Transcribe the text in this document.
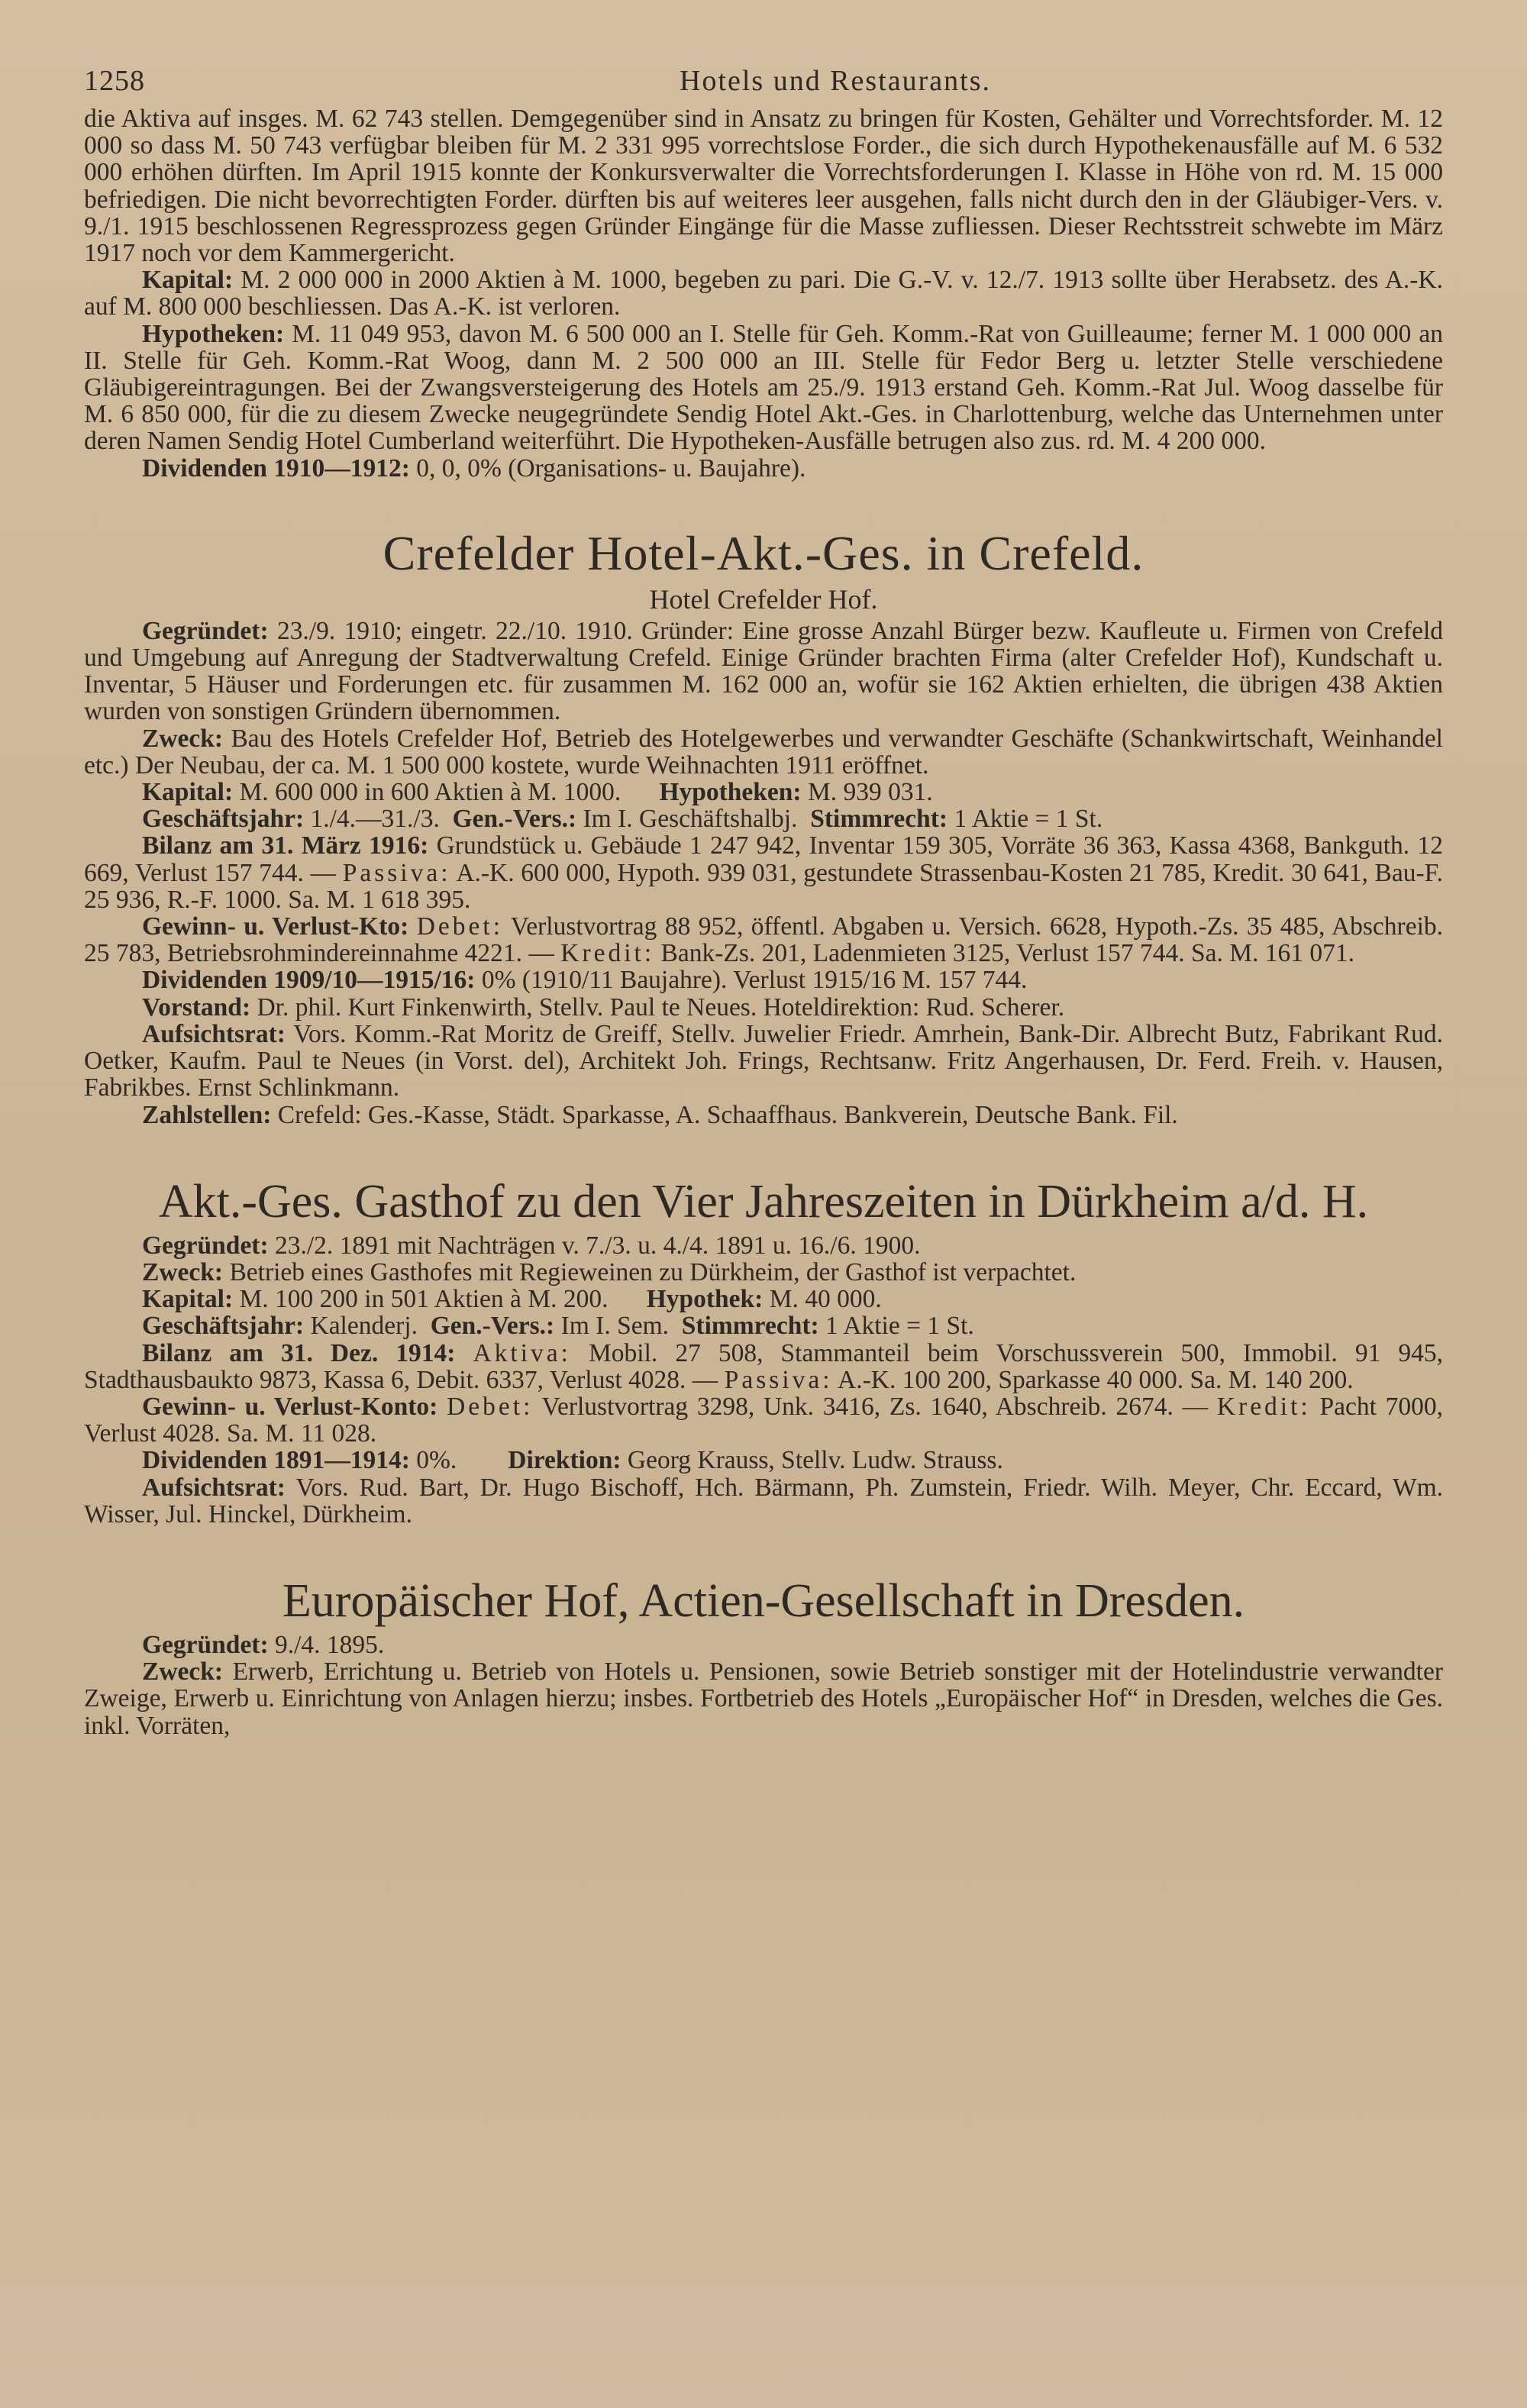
1258	Hotels und Restaurants.

die Aktiva auf insges. M. 62 743 stellen. Demgegenüber sind in Ansatz zu bringen für Kosten, Gehälter und Vorrechtsforder. M. 12 000 so dass M. 50 743 verfügbar bleiben für M. 2 331 995 vorrechtslose Forder., die sich durch Hypothekenausfälle auf M. 6 532 000 erhöhen dürften. Im April 1915 konnte der Konkursverwalter die Vorrechtsforderungen I. Klasse in Höhe von rd. M. 15 000 befriedigen. Die nicht bevorrechtigten Forder. dürften bis auf weiteres leer ausgehen, falls nicht durch den in der Gläubiger-Vers. v. 9./1. 1915 beschlossenen Regressprozess gegen Gründer Eingänge für die Masse zufliessen. Dieser Rechtsstreit schwebte im März 1917 noch vor dem Kammergericht.

Kapital: M. 2 000 000 in 2000 Aktien à M. 1000, begeben zu pari. Die G.-V. v. 12./7. 1913 sollte über Herabsetz. des A.-K. auf M. 800 000 beschliessen. Das A.-K. ist verloren.

Hypotheken: M. 11 049 953, davon M. 6 500 000 an I. Stelle für Geh. Komm.-Rat von Guilleaume; ferner M. 1 000 000 an II. Stelle für Geh. Komm.-Rat Woog, dann M. 2 500 000 an III. Stelle für Fedor Berg u. letzter Stelle verschiedene Gläubigereintragungen. Bei der Zwangsversteigerung des Hotels am 25./9. 1913 erstand Geh. Komm.-Rat Jul. Woog dasselbe für M. 6 850 000, für die zu diesem Zwecke neugegründete Sendig Hotel Akt.-Ges. in Charlottenburg, welche das Unternehmen unter deren Namen Sendig Hotel Cumberland weiterführt. Die Hypotheken-Ausfälle betrugen also zus. rd. M. 4 200 000.

Dividenden 1910—1912: 0, 0, 0% (Organisations- u. Baujahre).

Crefelder Hotel-Akt.-Ges. in Crefeld.
Hotel Crefelder Hof.

Gegründet: 23./9. 1910; eingetr. 22./10. 1910. Gründer: Eine grosse Anzahl Bürger bezw. Kaufleute u. Firmen von Crefeld und Umgebung auf Anregung der Stadtverwaltung Crefeld. Einige Gründer brachten Firma (alter Crefelder Hof), Kundschaft u. Inventar, 5 Häuser und Forderungen etc. für zusammen M. 162 000 an, wofür sie 162 Aktien erhielten, die übrigen 438 Aktien wurden von sonstigen Gründern übernommen.

Zweck: Bau des Hotels Crefelder Hof, Betrieb des Hotelgewerbes und verwandter Geschäfte (Schankwirtschaft, Weinhandel etc.) Der Neubau, der ca. M. 1 500 000 kostete, wurde Weihnachten 1911 eröffnet.

Kapital: M. 600 000 in 600 Aktien à M. 1000. Hypotheken: M. 939 031.

Geschäftsjahr: 1./4.—31./3. Gen.-Vers.: Im I. Geschäftshalbj. Stimmrecht: 1 Aktie = 1 St.

Bilanz am 31. März 1916: Grundstück u. Gebäude 1 247 942, Inventar 159 305, Vorräte 36 363, Kassa 4368, Bankguth. 12 669, Verlust 157 744. — Passiva: A.-K. 600 000, Hypoth. 939 031, gestundete Strassenbau-Kosten 21 785, Kredit. 30 641, Bau-F. 25 936, R.-F. 1000. Sa. M. 1 618 395.

Gewinn- u. Verlust-Kto: Debet: Verlustvortrag 88 952, öffentl. Abgaben u. Versich. 6628, Hypoth.-Zs. 35 485, Abschreib. 25 783, Betriebsrohmindereinnahme 4221. — Kredit: Bank-Zs. 201, Ladenmieten 3125, Verlust 157 744. Sa. M. 161 071.

Dividenden 1909/10—1915/16: 0% (1910/11 Baujahre). Verlust 1915/16 M. 157 744.

Vorstand: Dr. phil. Kurt Finkenwirth, Stellv. Paul te Neues. Hoteldirektion: Rud. Scherer.

Aufsichtsrat: Vors. Komm.-Rat Moritz de Greiff, Stellv. Juwelier Friedr. Amrhein, Bank-Dir. Albrecht Butz, Fabrikant Rud. Oetker, Kaufm. Paul te Neues (in Vorst. del), Architekt Joh. Frings, Rechtsanw. Fritz Angerhausen, Dr. Ferd. Freih. v. Hausen, Fabrikbes. Ernst Schlinkmann.

Zahlstellen: Crefeld: Ges.-Kasse, Städt. Sparkasse, A. Schaaffhaus. Bankverein, Deutsche Bank. Fil.

Akt.-Ges. Gasthof zu den Vier Jahreszeiten in Dürkheim a/d. H.

Gegründet: 23./2. 1891 mit Nachträgen v. 7./3. u. 4./4. 1891 u. 16./6. 1900.

Zweck: Betrieb eines Gasthofes mit Regieweinen zu Dürkheim, der Gasthof ist verpachtet.

Kapital: M. 100 200 in 501 Aktien à M. 200. Hypothek: M. 40 000.

Geschäftsjahr: Kalenderj. Gen.-Vers.: Im I. Sem. Stimmrecht: 1 Aktie = 1 St.

Bilanz am 31. Dez. 1914: Aktiva: Mobil. 27 508, Stammanteil beim Vorschussverein 500, Immobil. 91 945, Stadthausbaukto 9873, Kassa 6, Debit. 6337, Verlust 4028. — Passiva: A.-K. 100 200, Sparkasse 40 000. Sa. M. 140 200.

Gewinn- u. Verlust-Konto: Debet: Verlustvortrag 3298, Unk. 3416, Zs. 1640, Abschreib. 2674. — Kredit: Pacht 7000, Verlust 4028. Sa. M. 11 028.

Dividenden 1891—1914: 0%. Direktion: Georg Krauss, Stellv. Ludw. Strauss.

Aufsichtsrat: Vors. Rud. Bart, Dr. Hugo Bischoff, Hch. Bärmann, Ph. Zumstein, Friedr. Wilh. Meyer, Chr. Eccard, Wm. Wisser, Jul. Hinckel, Dürkheim.

Europäischer Hof, Actien-Gesellschaft in Dresden.

Gegründet: 9./4. 1895.

Zweck: Erwerb, Errichtung u. Betrieb von Hotels u. Pensionen, sowie Betrieb sonstiger mit der Hotelindustrie verwandter Zweige, Erwerb u. Einrichtung von Anlagen hierzu; insbes. Fortbetrieb des Hotels „Europäischer Hof“ in Dresden, welches die Ges. inkl. Vorräten,
